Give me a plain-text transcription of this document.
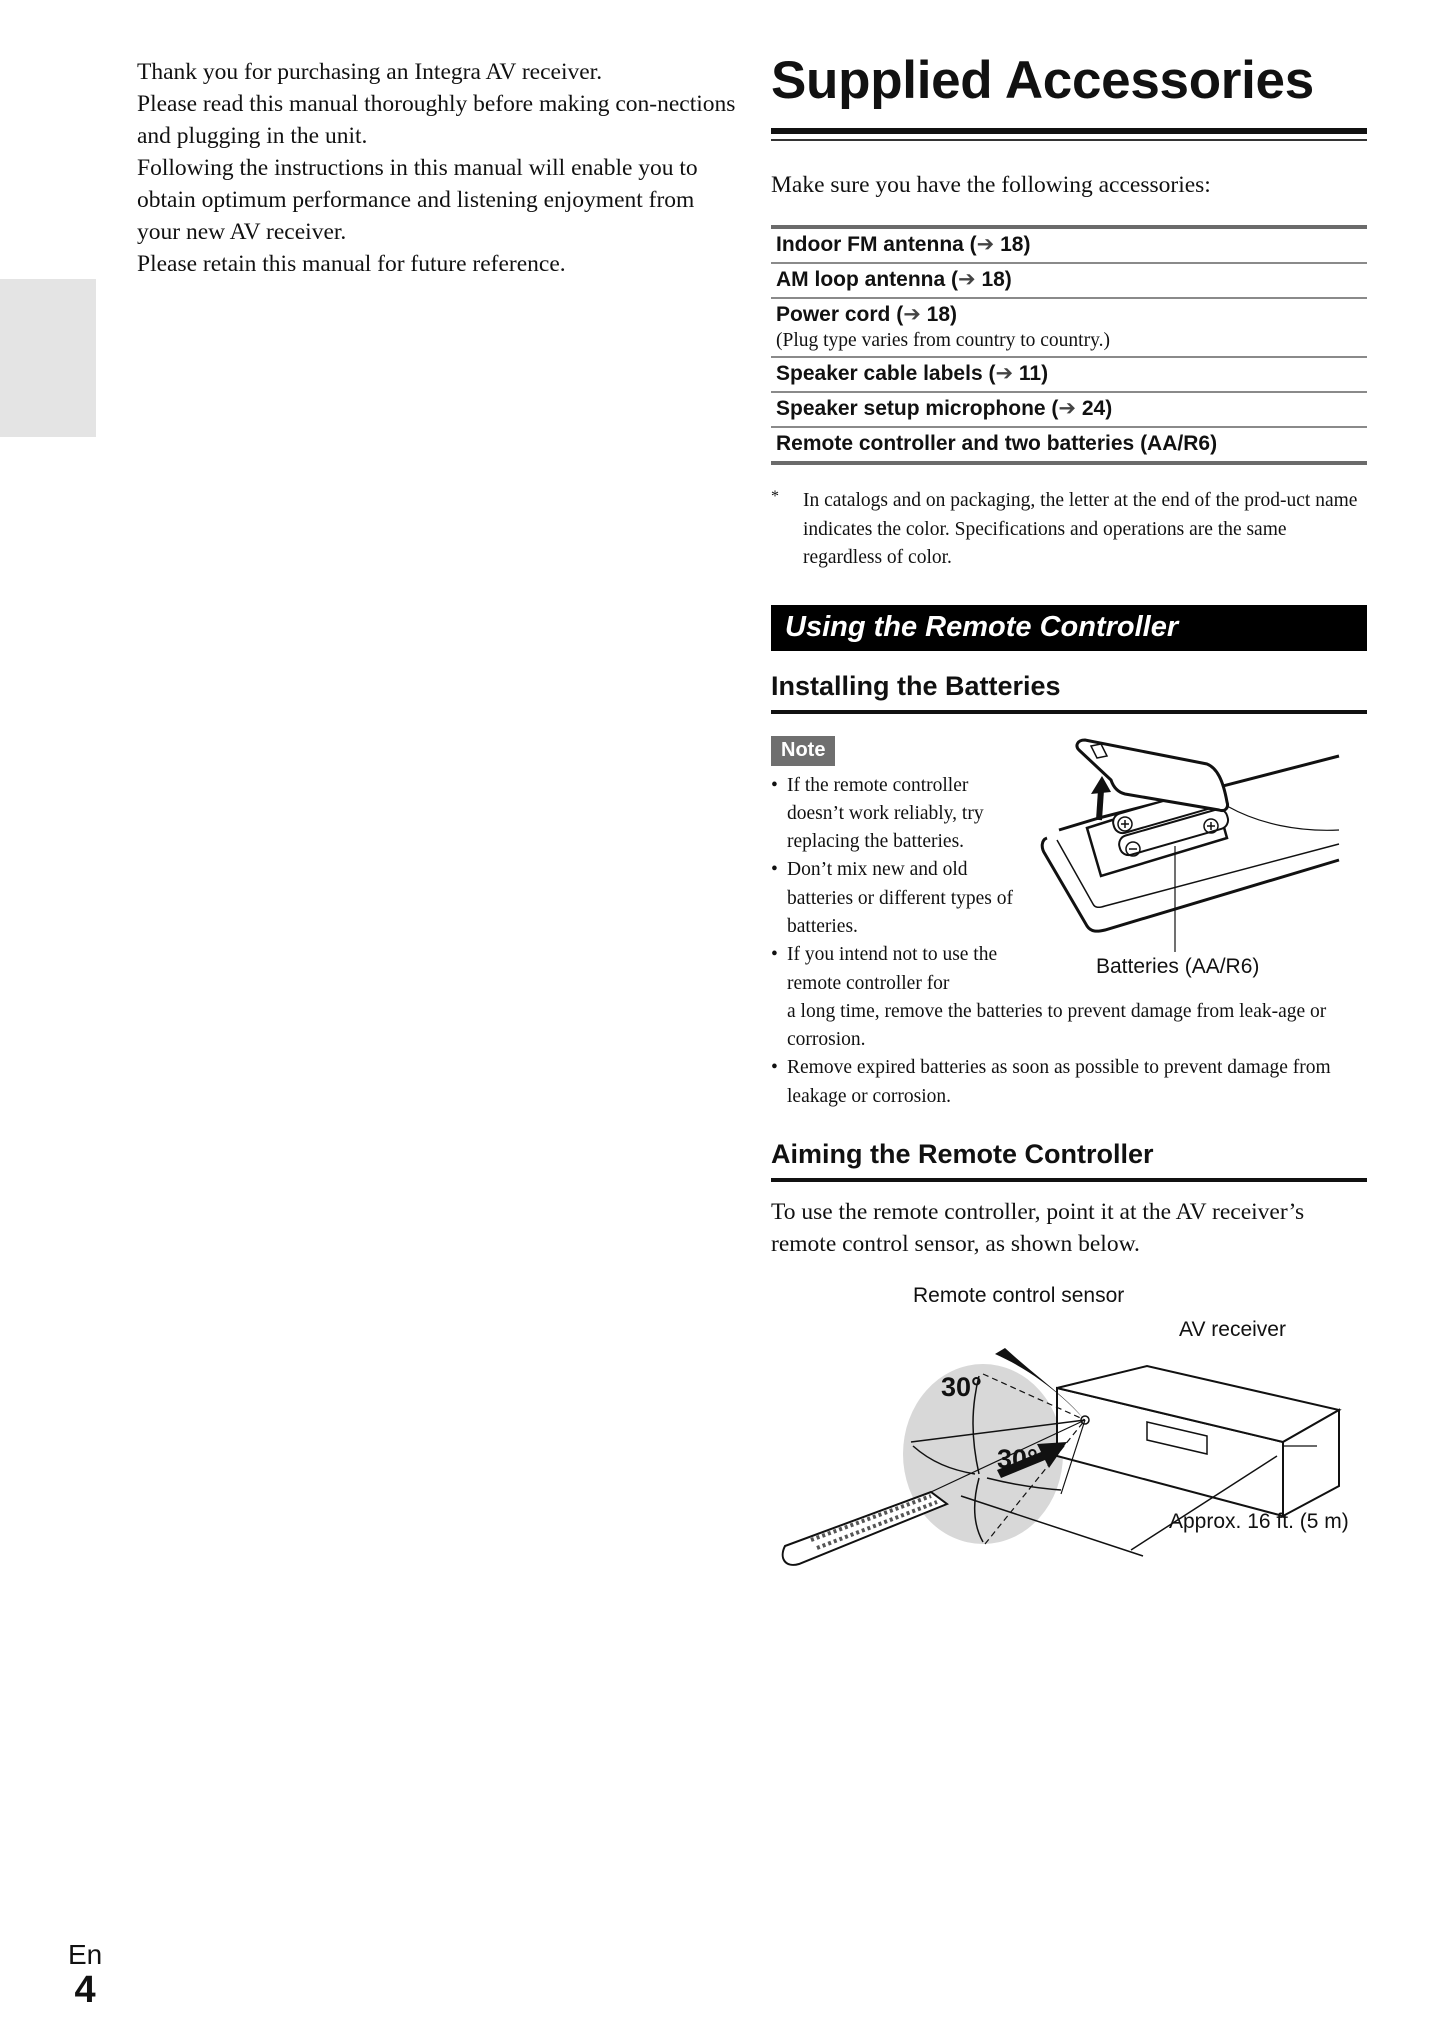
Thank you for purchasing an Integra AV receiver.

Please read this manual thoroughly before making con-nections and plugging in the unit.

Following the instructions in this manual will enable you to obtain optimum performance and listening enjoyment from your new AV receiver.

Please retain this manual for future reference.

Supplied Accessories

Make sure you have the following accessories:

Indoor FM antenna (➔ 18)
AM loop antenna (➔ 18)
Power cord (➔ 18)
(Plug type varies from country to country.)

Speaker cable labels (➔ 11)
Speaker setup microphone (➔ 24)
Remote controller and two batteries (AA/R6)
* In catalogs and on packaging, the letter at the end of the prod-uct name indicates the color. Specifications and operations are the same regardless of color.
Using the Remote Controller
Installing the Batteries
Note
Batteries (AA/R6)
• If the remote controller doesn’t work reliably, try replacing the batteries.
• Don’t mix new and old batteries or different types of batteries.
• If you intend not to use the remote controller for
a long time, remove the batteries to prevent damage from leak-age or corrosion.
• Remove expired batteries as soon as possible to prevent damage from leakage or corrosion.
Aiming the Remote Controller

To use the remote controller, point it at the AV receiver’s remote control sensor, as shown below.

Remote control sensor
AV receiver
30°
30°
Approx. 16 ft. (5 m)
En
4
